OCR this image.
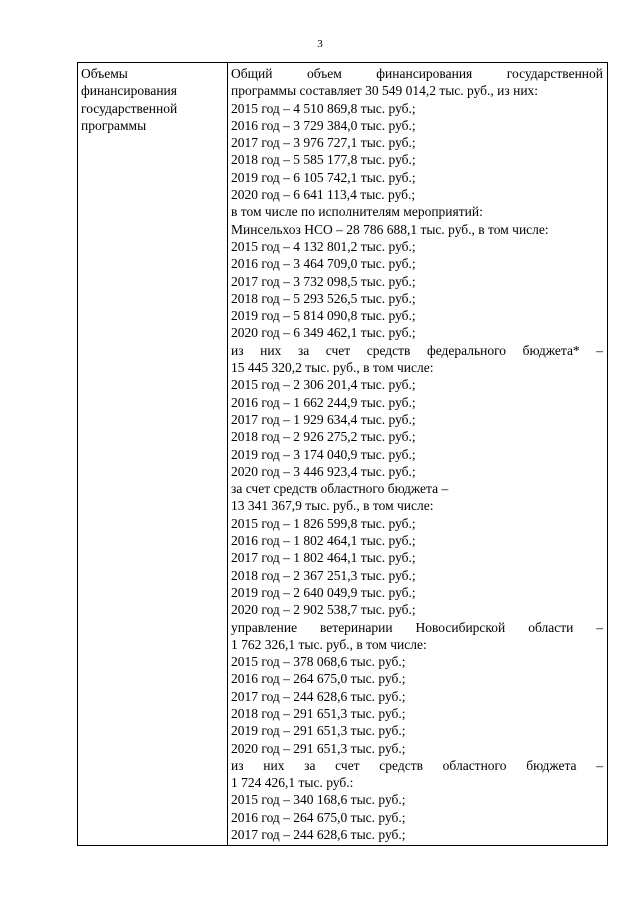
3
Объемы
финансирования
государственной
программы
Общий объем финансирования государственной
программы составляет 30 549 014,2 тыс. руб., из них:
2015 год – 4 510 869,8 тыс. руб.;
2016 год – 3 729 384,0 тыс. руб.;
2017 год – 3 976 727,1 тыс. руб.;
2018 год – 5 585 177,8 тыс. руб.;
2019 год – 6 105 742,1 тыс. руб.;
2020 год – 6 641 113,4 тыс. руб.;
в том числе по исполнителям мероприятий:
Минсельхоз НСО – 28 786 688,1 тыс. руб., в том числе:
2015 год – 4 132 801,2 тыс. руб.;
2016 год – 3 464 709,0 тыс. руб.;
2017 год – 3 732 098,5 тыс. руб.;
2018 год – 5 293 526,5 тыс. руб.;
2019 год – 5 814 090,8 тыс. руб.;
2020 год – 6 349 462,1 тыс. руб.;
из них за счет средств федерального бюджета* –
15 445 320,2 тыс. руб., в том числе:
2015 год – 2 306 201,4 тыс. руб.;
2016 год – 1 662 244,9 тыс. руб.;
2017 год – 1 929 634,4 тыс. руб.;
2018 год – 2 926 275,2 тыс. руб.;
2019 год – 3 174 040,9 тыс. руб.;
2020 год – 3 446 923,4 тыс. руб.;
за счет средств областного бюджета –
13 341 367,9 тыс. руб., в том числе:
2015 год – 1 826 599,8 тыс. руб.;
2016 год – 1 802 464,1 тыс. руб.;
2017 год – 1 802 464,1 тыс. руб.;
2018 год – 2 367 251,3 тыс. руб.;
2019 год – 2 640 049,9 тыс. руб.;
2020 год – 2 902 538,7 тыс. руб.;
управление ветеринарии Новосибирской области –
1 762 326,1 тыс. руб., в том числе:
2015 год – 378 068,6 тыс. руб.;
2016 год – 264 675,0 тыс. руб.;
2017 год – 244 628,6 тыс. руб.;
2018 год – 291 651,3 тыс. руб.;
2019 год – 291 651,3 тыс. руб.;
2020 год – 291 651,3 тыс. руб.;
из них за счет средств областного бюджета –
1 724 426,1 тыс. руб.:
2015 год – 340 168,6 тыс. руб.;
2016 год – 264 675,0 тыс. руб.;
2017 год – 244 628,6 тыс. руб.;
